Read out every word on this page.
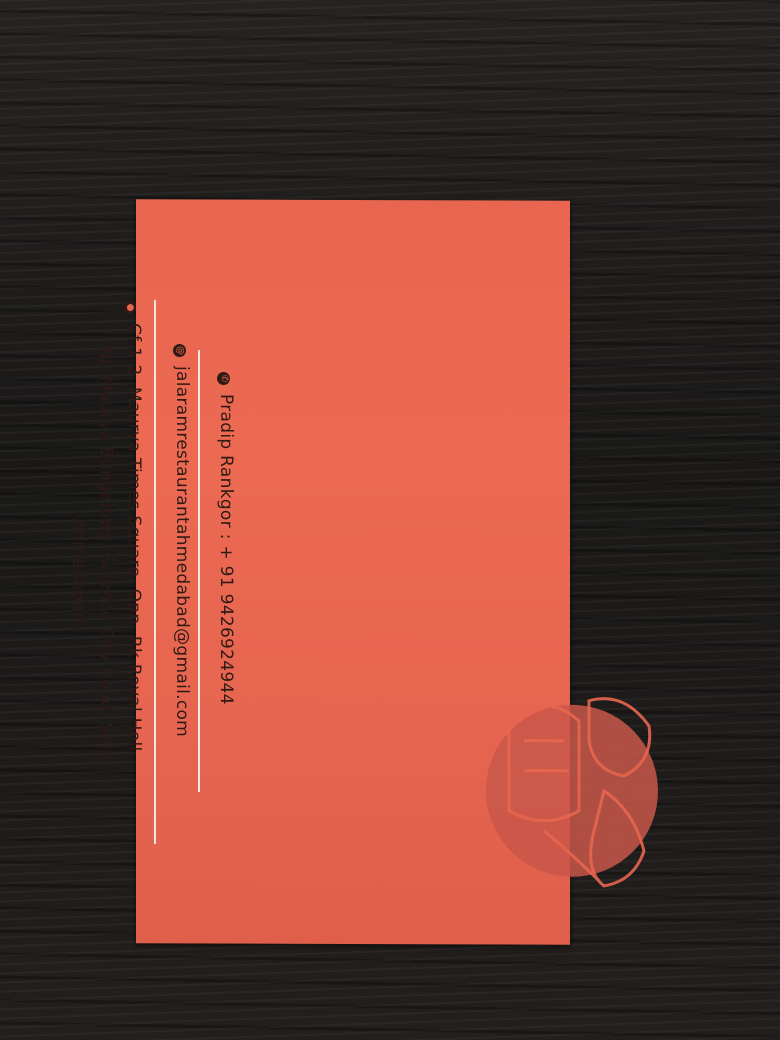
✆
Pradip Rankgor : + 91 9426924944
@
jalaramrestaurantahmedabad@gmail.com
●
Cf-1-2, Maurya Times Square, Opp. Rk Royal Holl,
Nr. Maurya Bungalows, Science City Road, Sola,
Ahmedabad.
